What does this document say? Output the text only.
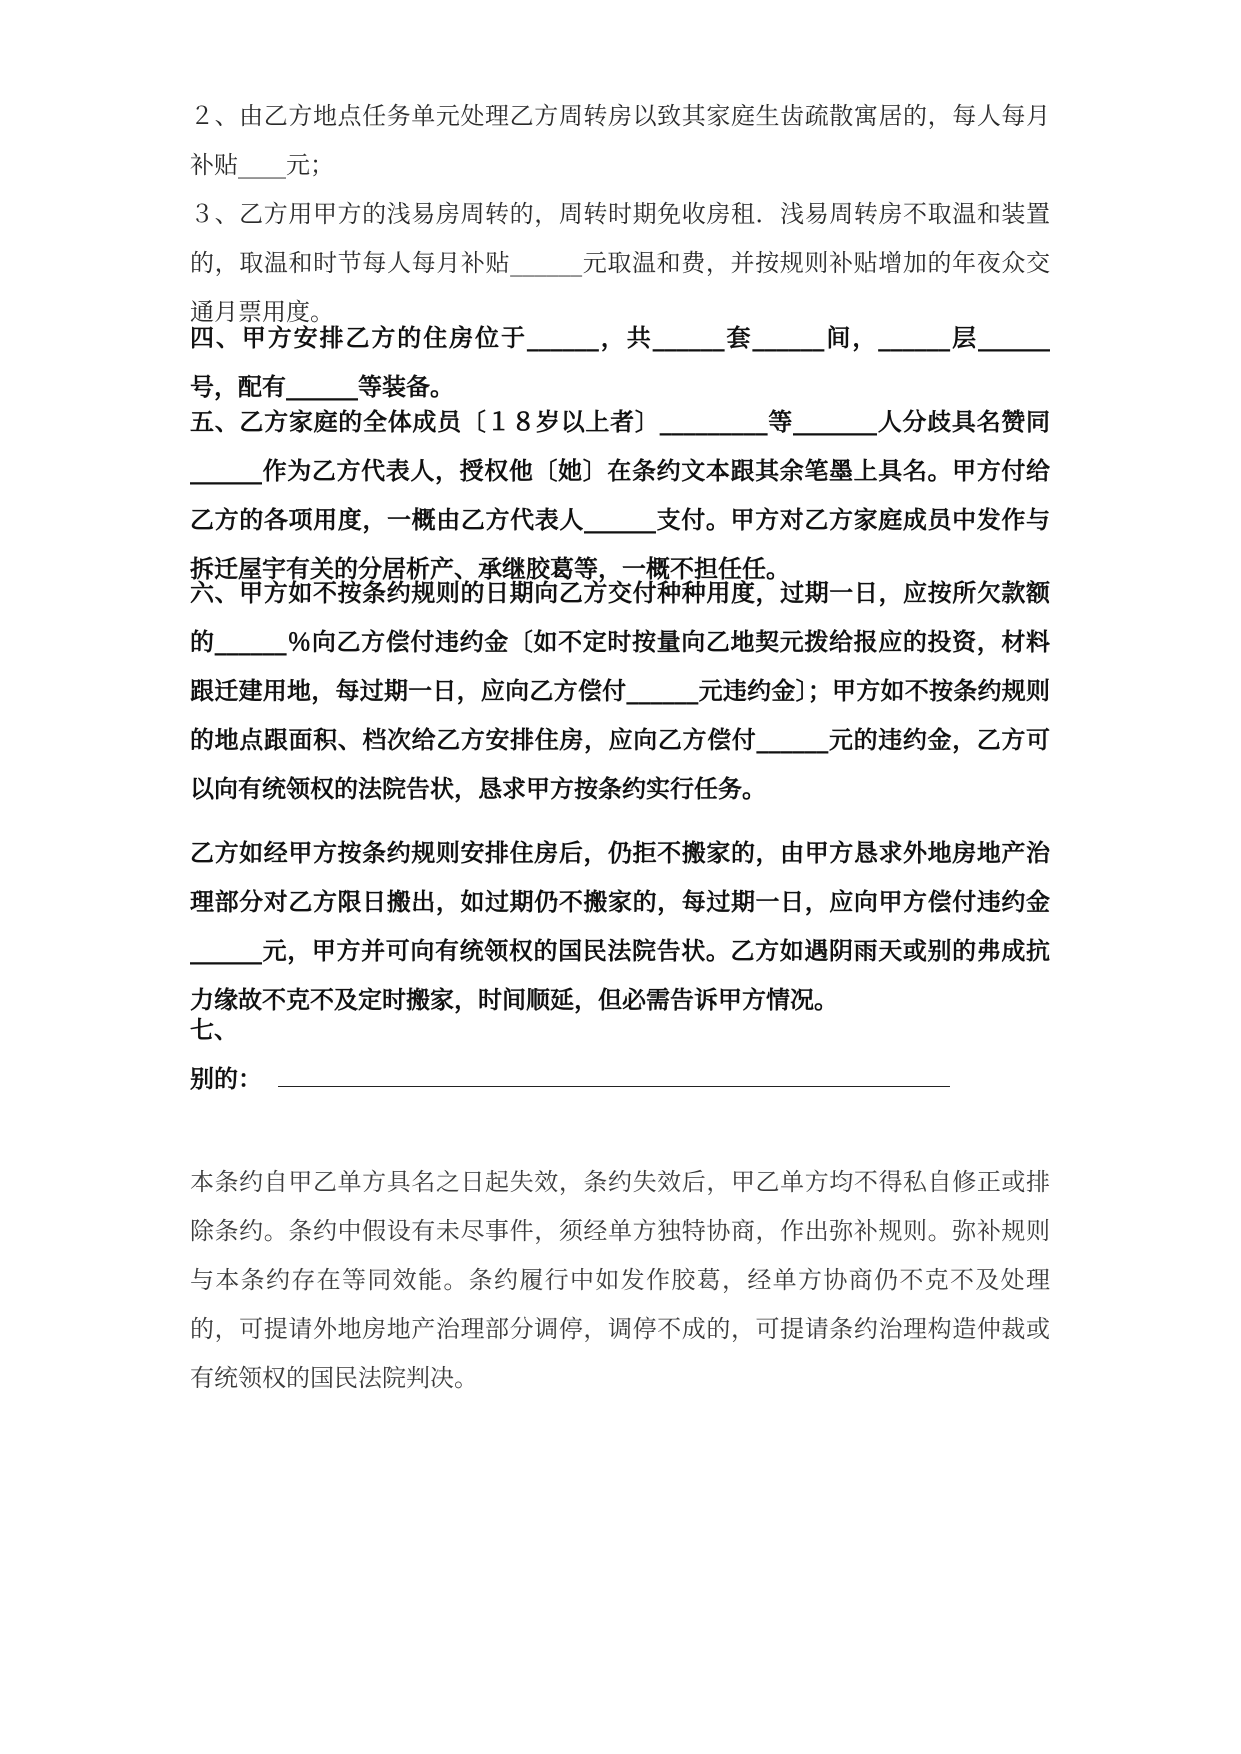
２、由乙方地点任务单元处理乙方周转房以致其家庭生齿疏散寓居的，每人每月补贴____元；

３、乙方用甲方的浅易房周转的，周转时期免收房租．浅易周转房不取温和装置的，取温和时节每人每月补贴______元取温和费，并按规则补贴增加的年夜众交通月票用度。

四、甲方安排乙方的住房位于______，共______套______间，______层______号，配有______等装备。

五、乙方家庭的全体成员〔１８岁以上者〕_________等_______人分歧具名赞同______作为乙方代表人，授权他〔她〕在条约文本跟其余笔墨上具名。甲方付给乙方的各项用度，一概由乙方代表人______支付。甲方对乙方家庭成员中发作与拆迁屋宇有关的分居析产、承继胶葛等，一概不担任任。

六、甲方如不按条约规则的日期向乙方交付种种用度，过期一日，应按所欠款额的______％向乙方偿付违约金〔如不定时按量向乙地契元拨给报应的投资，材料跟迁建用地，每过期一日，应向乙方偿付______元违约金〕；甲方如不按条约规则的地点跟面积、档次给乙方安排住房，应向乙方偿付______元的违约金，乙方可以向有统领权的法院告状，恳求甲方按条约实行任务。

乙方如经甲方按条约规则安排住房后，仍拒不搬家的，由甲方恳求外地房地产治理部分对乙方限日搬出，如过期仍不搬家的，每过期一日，应向甲方偿付违约金______元，甲方并可向有统领权的国民法院告状。乙方如遇阴雨天或别的弗成抗力缘故不克不及定时搬家，时间顺延，但必需告诉甲方情况。

七、

别的：

本条约自甲乙单方具名之日起失效，条约失效后，甲乙单方均不得私自修正或排除条约。条约中假设有未尽事件，须经单方独特协商，作出弥补规则。弥补规则与本条约存在等同效能。条约履行中如发作胶葛，经单方协商仍不克不及处理的，可提请外地房地产治理部分调停，调停不成的，可提请条约治理构造仲裁或有统领权的国民法院判决。
